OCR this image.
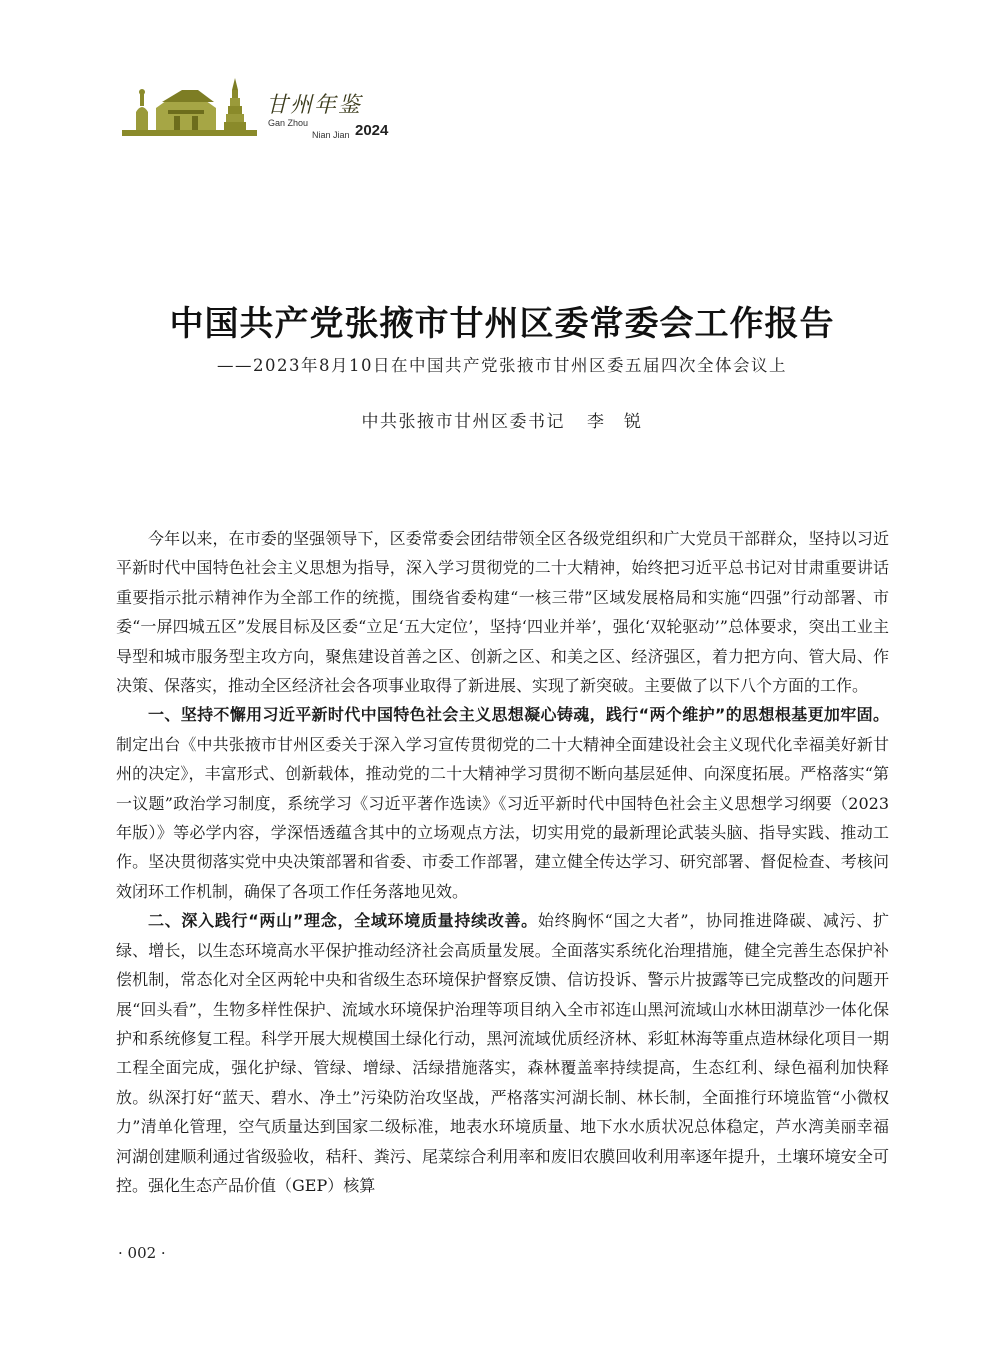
甘州年鉴
Gan Zhou
Nian Jian 2024
中国共产党张掖市甘州区委常委会工作报告
——2023年8月10日在中国共产党张掖市甘州区委五届四次全体会议上
中共张掖市甘州区委书记 李　锐

今年以来，在市委的坚强领导下，区委常委会团结带领全区各级党组织和广大党员干部群众，坚持以习近平新时代中国特色社会主义思想为指导，深入学习贯彻党的二十大精神，始终把习近平总书记对甘肃重要讲话重要指示批示精神作为全部工作的统揽，围绕省委构建“一核三带”区域发展格局和实施“四强”行动部署、市委“一屏四城五区”发展目标及区委“立足‘五大定位’，坚持‘四业并举’，强化‘双轮驱动’”总体要求，突出工业主导型和城市服务型主攻方向，聚焦建设首善之区、创新之区、和美之区、经济强区，着力把方向、管大局、作决策、保落实，推动全区经济社会各项事业取得了新进展、实现了新突破。主要做了以下八个方面的工作。

一、坚持不懈用习近平新时代中国特色社会主义思想凝心铸魂，践行“两个维护”的思想根基更加牢固。制定出台《中共张掖市甘州区委关于深入学习宣传贯彻党的二十大精神全面建设社会主义现代化幸福美好新甘州的决定》，丰富形式、创新载体，推动党的二十大精神学习贯彻不断向基层延伸、向深度拓展。严格落实“第一议题”政治学习制度，系统学习《习近平著作选读》《习近平新时代中国特色社会主义思想学习纲要（2023年版）》等必学内容，学深悟透蕴含其中的立场观点方法，切实用党的最新理论武装头脑、指导实践、推动工作。坚决贯彻落实党中央决策部署和省委、市委工作部署，建立健全传达学习、研究部署、督促检查、考核问效闭环工作机制，确保了各项工作任务落地见效。

二、深入践行“两山”理念，全域环境质量持续改善。始终胸怀“国之大者”，协同推进降碳、减污、扩绿、增长，以生态环境高水平保护推动经济社会高质量发展。全面落实系统化治理措施，健全完善生态保护补偿机制，常态化对全区两轮中央和省级生态环境保护督察反馈、信访投诉、警示片披露等已完成整改的问题开展“回头看”，生物多样性保护、流域水环境保护治理等项目纳入全市祁连山黑河流域山水林田湖草沙一体化保护和系统修复工程。科学开展大规模国土绿化行动，黑河流域优质经济林、彩虹林海等重点造林绿化项目一期工程全面完成，强化护绿、管绿、增绿、活绿措施落实，森林覆盖率持续提高，生态红利、绿色福利加快释放。纵深打好“蓝天、碧水、净土”污染防治攻坚战，严格落实河湖长制、林长制，全面推行环境监管“小微权力”清单化管理，空气质量达到国家二级标准，地表水环境质量、地下水水质状况总体稳定，芦水湾美丽幸福河湖创建顺利通过省级验收，秸秆、粪污、尾菜综合利用率和废旧农膜回收利用率逐年提升，土壤环境安全可控。强化生态产品价值（GEP）核算

· 002 ·
